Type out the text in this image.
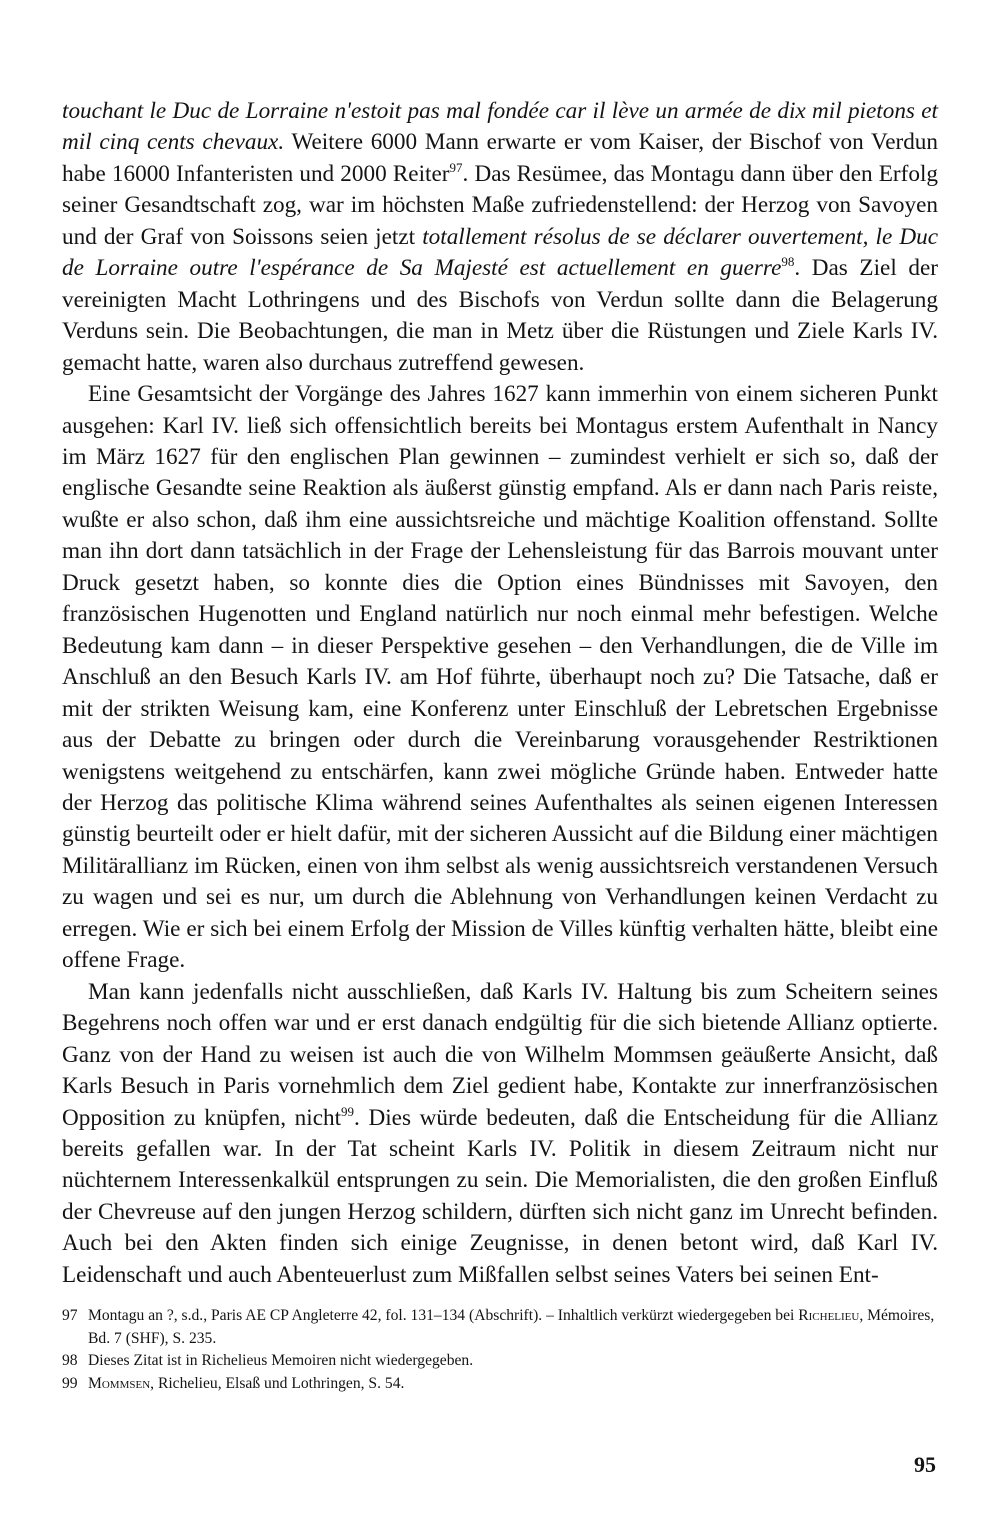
touchant le Duc de Lorraine n'estoit pas mal fondée car il lève un armée de dix mil pietons et mil cinq cents chevaux. Weitere 6000 Mann erwarte er vom Kaiser, der Bischof von Verdun habe 16000 Infanteristen und 2000 Reiter$^{97}$. Das Resümee, das Montagu dann über den Erfolg seiner Gesandtschaft zog, war im höchsten Maße zufriedenstellend: der Herzog von Savoyen und der Graf von Soissons seien jetzt totallement résolus de se déclarer ouvertement, le Duc de Lorraine outre l'espérance de Sa Majesté est actuellement en guerre$^{98}$. Das Ziel der vereinigten Macht Lothringens und des Bischofs von Verdun sollte dann die Belagerung Verduns sein. Die Beobachtungen, die man in Metz über die Rüstungen und Ziele Karls IV. gemacht hatte, waren also durchaus zutreffend gewesen.

Eine Gesamtsicht der Vorgänge des Jahres 1627 kann immerhin von einem sicheren Punkt ausgehen: Karl IV. ließ sich offensichtlich bereits bei Montagus erstem Aufenthalt in Nancy im März 1627 für den englischen Plan gewinnen – zumindest verhielt er sich so, daß der englische Gesandte seine Reaktion als äußerst günstig empfand. Als er dann nach Paris reiste, wußte er also schon, daß ihm eine aussichtsreiche und mächtige Koalition offenstand. Sollte man ihn dort dann tatsächlich in der Frage der Lehensleistung für das Barrois mouvant unter Druck gesetzt haben, so konnte dies die Option eines Bündnisses mit Savoyen, den französischen Hugenotten und England natürlich nur noch einmal mehr befestigen. Welche Bedeutung kam dann – in dieser Perspektive gesehen – den Verhandlungen, die de Ville im Anschluß an den Besuch Karls IV. am Hof führte, überhaupt noch zu? Die Tatsache, daß er mit der strikten Weisung kam, eine Konferenz unter Einschluß der Lebretschen Ergebnisse aus der Debatte zu bringen oder durch die Vereinbarung vorausgehender Restriktionen wenigstens weitgehend zu entschärfen, kann zwei mögliche Gründe haben. Entweder hatte der Herzog das politische Klima während seines Aufenthaltes als seinen eigenen Interessen günstig beurteilt oder er hielt dafür, mit der sicheren Aussicht auf die Bildung einer mächtigen Militärallianz im Rücken, einen von ihm selbst als wenig aussichtsreich verstandenen Versuch zu wagen und sei es nur, um durch die Ablehnung von Verhandlungen keinen Verdacht zu erregen. Wie er sich bei einem Erfolg der Mission de Villes künftig verhalten hätte, bleibt eine offene Frage.

Man kann jedenfalls nicht ausschließen, daß Karls IV. Haltung bis zum Scheitern seines Begehrens noch offen war und er erst danach endgültig für die sich bietende Allianz optierte. Ganz von der Hand zu weisen ist auch die von Wilhelm Mommsen geäußerte Ansicht, daß Karls Besuch in Paris vornehmlich dem Ziel gedient habe, Kontakte zur innerfranzösischen Opposition zu knüpfen, nicht$^{99}$. Dies würde bedeuten, daß die Entscheidung für die Allianz bereits gefallen war. In der Tat scheint Karls IV. Politik in diesem Zeitraum nicht nur nüchternem Interessenkalkül entsprungen zu sein. Die Memorialisten, die den großen Einfluß der Chevreuse auf den jungen Herzog schildern, dürften sich nicht ganz im Unrecht befinden. Auch bei den Akten finden sich einige Zeugnisse, in denen betont wird, daß Karl IV. Leidenschaft und auch Abenteuerlust zum Mißfallen selbst seines Vaters bei seinen Ent-

97 Montagu an ?, s.d., Paris AE CP Angleterre 42, fol. 131–134 (Abschrift). – Inhaltlich verkürzt wiedergegeben bei Richelieu, Mémoires, Bd. 7 (SHF), S. 235.
98 Dieses Zitat ist in Richelieus Memoiren nicht wiedergegeben.
99 Mommsen, Richelieu, Elsaß und Lothringen, S. 54.
95
